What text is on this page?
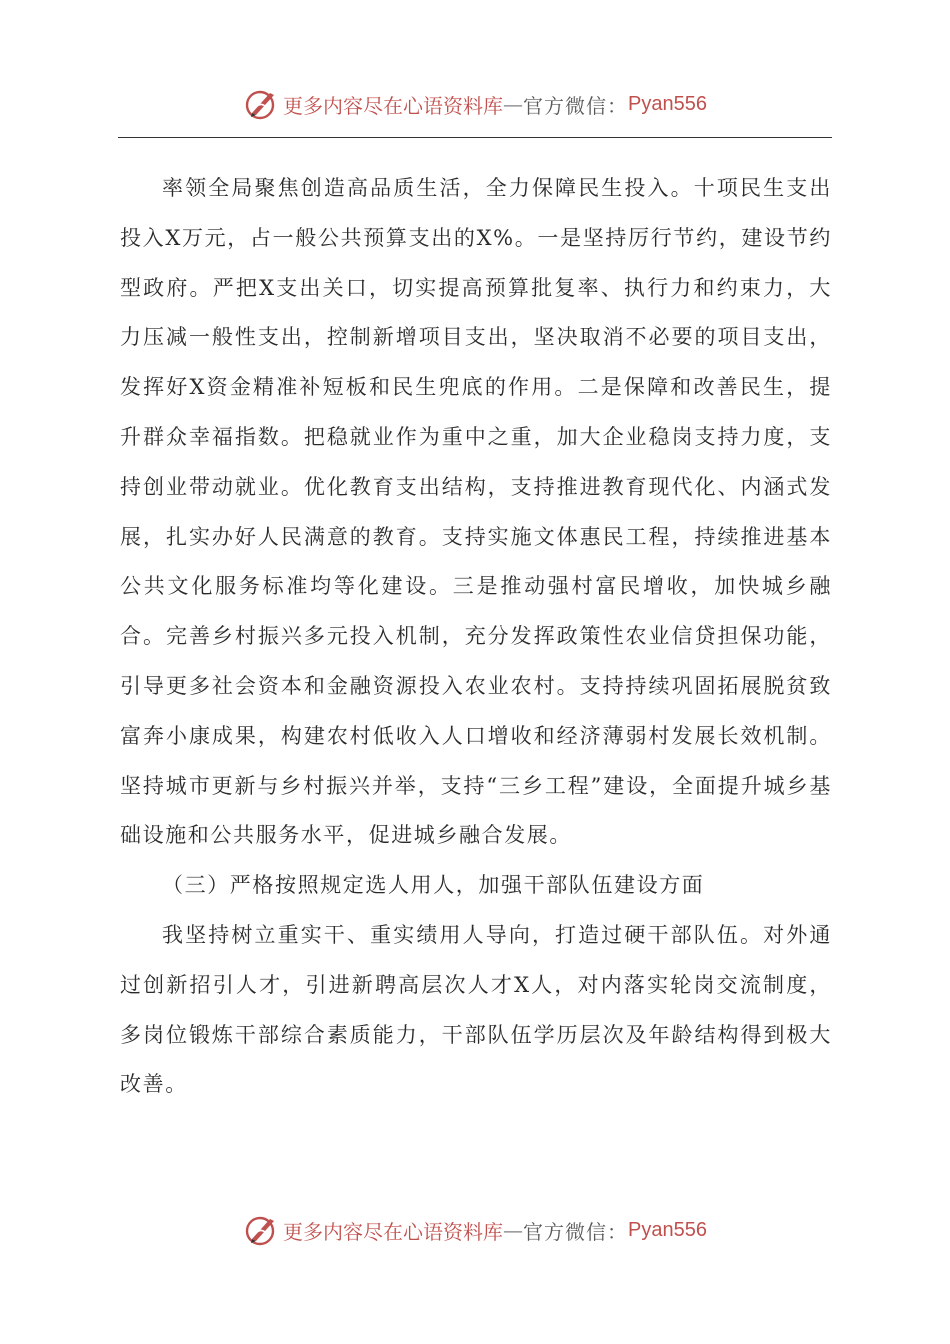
更多内容尽在心语资料库 — 官方微信： Pyan556

率领全局聚焦创造高品质生活，全力保障民生投入。十项民生支出投入X万元，占一般公共预算支出的X%。一是坚持厉行节约，建设节约型政府。严把X支出关口，切实提高预算批复率、执行力和约束力，大力压减一般性支出，控制新增项目支出，坚决取消不必要的项目支出，发挥好X资金精准补短板和民生兜底的作用。二是保障和改善民生，提升群众幸福指数。把稳就业作为重中之重，加大企业稳岗支持力度，支持创业带动就业。优化教育支出结构，支持推进教育现代化、内涵式发展，扎实办好人民满意的教育。支持实施文体惠民工程，持续推进基本公共文化服务标准均等化建设。三是推动强村富民增收，加快城乡融合。完善乡村振兴多元投入机制，充分发挥政策性农业信贷担保功能，引导更多社会资本和金融资源投入农业农村。支持持续巩固拓展脱贫致富奔小康成果，构建农村低收入人口增收和经济薄弱村发展长效机制。坚持城市更新与乡村振兴并举，支持“三乡工程”建设，全面提升城乡基础设施和公共服务水平，促进城乡融合发展。

（三）严格按照规定选人用人，加强干部队伍建设方面

我坚持树立重实干、重实绩用人导向，打造过硬干部队伍。对外通过创新招引人才，引进新聘高层次人才X人，对内落实轮岗交流制度，多岗位锻炼干部综合素质能力，干部队伍学历层次及年龄结构得到极大改善。

更多内容尽在心语资料库 — 官方微信： Pyan556
